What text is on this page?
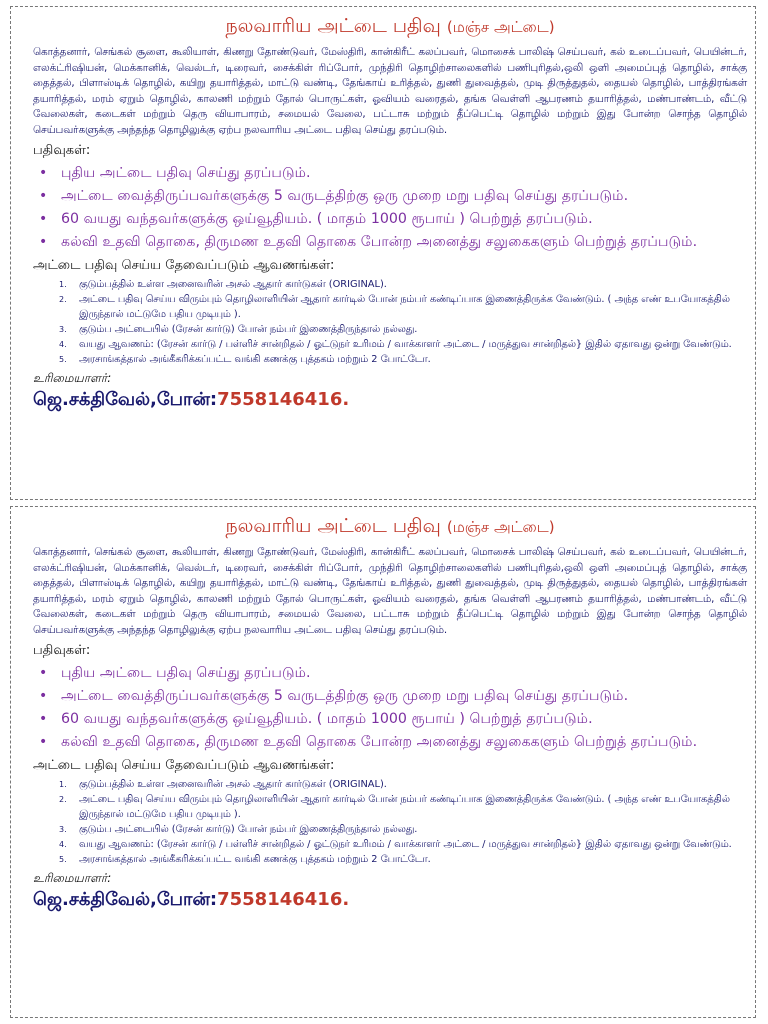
நலவாரிய அட்டை பதிவு (மஞ்ச அட்டை)

கொத்தனார், செங்கல் சூளை, கூலியாள், கிணறு தோண்டுவர், மேஸ்திரி, கான்கிரீட் கலப்பவர், மொசைக் பாலிஷ் செய்பவர், கல் உடைப்பவர், பெயின்டர், எலக்ட்ரிஷியன், மெக்கானிக், வெல்டர், டிரைவர், சைக்கிள் ரிப்போர், முந்திரி தொழிற்சாலைகளில் பணிபுரிதல்,ஒலி ஒளி அமைப்புத் தொழில், சாக்கு தைத்தல், பிளாஸ்டிக் தொழில், கயிறு தயாரித்தல், மாட்டு வண்டி, தேங்காய் உரித்தல், துணி துவைத்தல், முடி திருத்துதல், தையல் தொழில், பாத்திரங்கள் தயாரித்தல், மரம் ஏறும் தொழில், காலணி மற்றும் தோல் பொருட்கள், ஓவியம் வரைதல், தங்க வெள்ளி ஆபரணம் தயாரித்தல், மண்பாண்டம், வீட்டு வேலைகள், கடைகள் மற்றும் தெரு வியாபாரம், சமையல் வேலை, பட்டாசு மற்றும் தீப்பெட்டி தொழில் மற்றும் இது போன்ற சொந்த தொழில் செய்பவர்களுக்கு அந்தந்த தொழிலுக்கு ஏற்ப நலவாரிய அட்டை பதிவு செய்து தரப்படும்.

பதிவுகள்:

• புதிய அட்டை பதிவு செய்து தரப்படும்.
• அட்டை வைத்திருப்பவர்களுக்கு 5 வருடத்திற்கு ஒரு முறை மறு பதிவு செய்து தரப்படும்.
• 60 வயது வந்தவர்களுக்கு ஒய்வூதியம். ( மாதம் 1000 ரூபாய் ) பெற்றுத் தரப்படும்.
• கல்வி உதவி தொகை, திருமண உதவி தொகை போன்ற அனைத்து சலுகைகளும் பெற்றுத் தரப்படும்.

அட்டை பதிவு செய்ய தேவைப்படும் ஆவணங்கள்:

1. குடும்பத்தில் உள்ள அனைவரின் அசல் ஆதார் கார்டுகள் (ORIGINAL).
2. அட்டை பதிவு செய்ய விரும்பும் தொழிலாளியின் ஆதார் கார்டில் போன் நம்பர் கண்டிப்பாக இணைத்திருக்க வேண்டும். ( அந்த எண் உபயோகத்தில் இருந்தால் மட்டுமே பதிய முடியும் ).
3. குடும்ப அட்டையில் (ரேசன் கார்டு) போன் நம்பர் இணைத்திருந்தால் நல்லது.
4. வயது ஆவணம்: (ரேசன் கார்டு / பள்ளிச் சான்றிதல் / ஓட்டுநர் உரிமம் / வாக்காளர் அட்டை / மருத்துவ சான்றிதல்} இதில் ஏதாவது ஒன்று வேண்டும்.
5. அரசாங்கத்தால் அங்கீகரிக்கப்பட்ட வங்கி கணக்கு புத்தகம் மற்றும் 2 போட்டோ.

உரிமையாளர்:

ஜெ.சக்திவேல்,போன்:7558146416.

நலவாரிய அட்டை பதிவு (மஞ்ச அட்டை)

கொத்தனார், செங்கல் சூளை, கூலியாள், கிணறு தோண்டுவர், மேஸ்திரி, கான்கிரீட் கலப்பவர், மொசைக் பாலிஷ் செய்பவர், கல் உடைப்பவர், பெயின்டர், எலக்ட்ரிஷியன், மெக்கானிக், வெல்டர், டிரைவர், சைக்கிள் ரிப்போர், முந்திரி தொழிற்சாலைகளில் பணிபுரிதல்,ஒலி ஒளி அமைப்புத் தொழில், சாக்கு தைத்தல், பிளாஸ்டிக் தொழில், கயிறு தயாரித்தல், மாட்டு வண்டி, தேங்காய் உரித்தல், துணி துவைத்தல், முடி திருத்துதல், தையல் தொழில், பாத்திரங்கள் தயாரித்தல், மரம் ஏறும் தொழில், காலணி மற்றும் தோல் பொருட்கள், ஓவியம் வரைதல், தங்க வெள்ளி ஆபரணம் தயாரித்தல், மண்பாண்டம், வீட்டு வேலைகள், கடைகள் மற்றும் தெரு வியாபாரம், சமையல் வேலை, பட்டாசு மற்றும் தீப்பெட்டி தொழில் மற்றும் இது போன்ற சொந்த தொழில் செய்பவர்களுக்கு அந்தந்த தொழிலுக்கு ஏற்ப நலவாரிய அட்டை பதிவு செய்து தரப்படும்.

பதிவுகள்:

• புதிய அட்டை பதிவு செய்து தரப்படும்.
• அட்டை வைத்திருப்பவர்களுக்கு 5 வருடத்திற்கு ஒரு முறை மறு பதிவு செய்து தரப்படும்.
• 60 வயது வந்தவர்களுக்கு ஒய்வூதியம். ( மாதம் 1000 ரூபாய் ) பெற்றுத் தரப்படும்.
• கல்வி உதவி தொகை, திருமண உதவி தொகை போன்ற அனைத்து சலுகைகளும் பெற்றுத் தரப்படும்.

அட்டை பதிவு செய்ய தேவைப்படும் ஆவணங்கள்:

1. குடும்பத்தில் உள்ள அனைவரின் அசல் ஆதார் கார்டுகள் (ORIGINAL).
2. அட்டை பதிவு செய்ய விரும்பும் தொழிலாளியின் ஆதார் கார்டில் போன் நம்பர் கண்டிப்பாக இணைத்திருக்க வேண்டும். ( அந்த எண் உபயோகத்தில் இருந்தால் மட்டுமே பதிய முடியும் ).
3. குடும்ப அட்டையில் (ரேசன் கார்டு) போன் நம்பர் இணைத்திருந்தால் நல்லது.
4. வயது ஆவணம்: (ரேசன் கார்டு / பள்ளிச் சான்றிதல் / ஓட்டுநர் உரிமம் / வாக்காளர் அட்டை / மருத்துவ சான்றிதல்} இதில் ஏதாவது ஒன்று வேண்டும்.
5. அரசாங்கத்தால் அங்கீகரிக்கப்பட்ட வங்கி கணக்கு புத்தகம் மற்றும் 2 போட்டோ.

உரிமையாளர்:

ஜெ.சக்திவேல்,போன்:7558146416.
